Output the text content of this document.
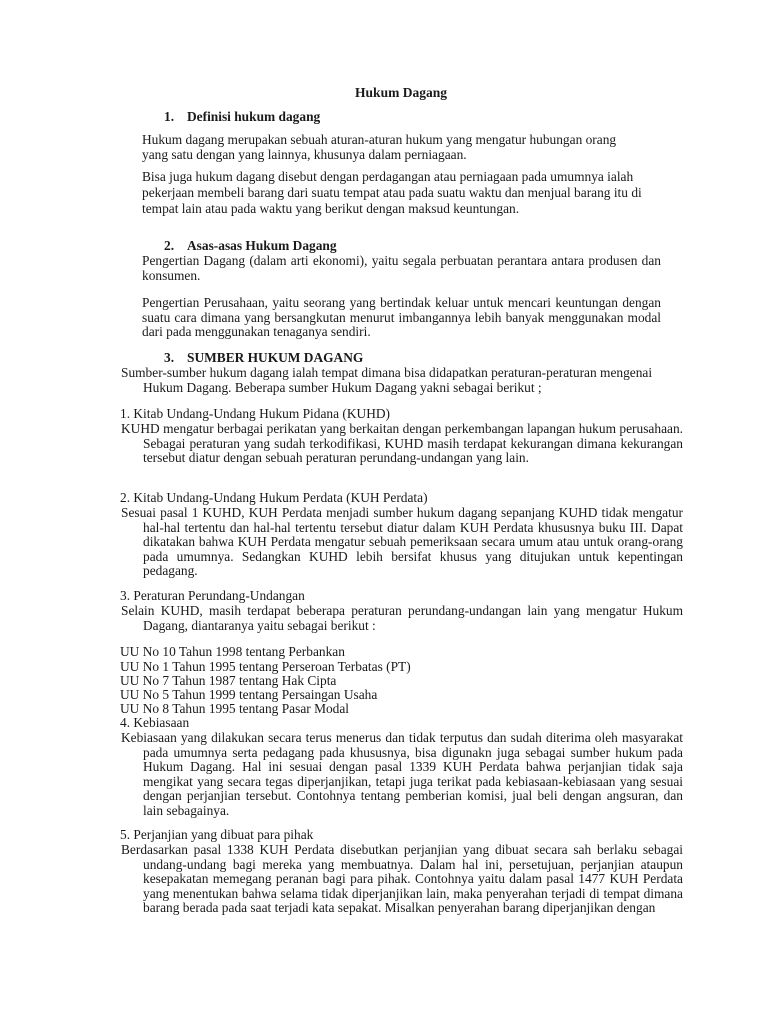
Hukum Dagang
1. Definisi hukum dagang

Hukum dagang merupakan sebuah aturan-aturan hukum yang mengatur hubungan orang yang satu dengan yang lainnya, khusunya dalam perniagaan.

Bisa juga hukum dagang disebut dengan perdagangan atau perniagaan pada umumnya ialah pekerjaan membeli barang dari suatu tempat atau pada suatu waktu dan menjual barang itu di tempat lain atau pada waktu yang berikut dengan maksud keuntungan.

2. Asas-asas Hukum Dagang

Pengertian Dagang (dalam arti ekonomi), yaitu segala perbuatan perantara antara produsen dan konsumen.

Pengertian Perusahaan, yaitu seorang yang bertindak keluar untuk mencari keuntungan dengan suatu cara dimana yang bersangkutan menurut imbangannya lebih banyak menggunakan modal dari pada menggunakan tenaganya sendiri.

3. SUMBER HUKUM DAGANG

Sumber-sumber hukum dagang ialah tempat dimana bisa didapatkan peraturan-peraturan mengenai Hukum Dagang. Beberapa sumber Hukum Dagang yakni sebagai berikut ;

1. Kitab Undang-Undang Hukum Pidana (KUHD)

KUHD mengatur berbagai perikatan yang berkaitan dengan perkembangan lapangan hukum perusahaan. Sebagai peraturan yang sudah terkodifikasi, KUHD masih terdapat kekurangan dimana kekurangan tersebut diatur dengan sebuah peraturan perundang-undangan yang lain.

2. Kitab Undang-Undang Hukum Perdata (KUH Perdata)

Sesuai pasal 1 KUHD, KUH Perdata menjadi sumber hukum dagang sepanjang KUHD tidak mengatur hal-hal tertentu dan hal-hal tertentu tersebut diatur dalam KUH Perdata khususnya buku III. Dapat dikatakan bahwa KUH Perdata mengatur sebuah pemeriksaan secara umum atau untuk orang-orang pada umumnya. Sedangkan KUHD lebih bersifat khusus yang ditujukan untuk kepentingan pedagang.

3. Peraturan Perundang-Undangan

Selain KUHD, masih terdapat beberapa peraturan perundang-undangan lain yang mengatur Hukum Dagang, diantaranya yaitu sebagai berikut :

UU No 10 Tahun 1998 tentang Perbankan
UU No 1 Tahun 1995 tentang Perseroan Terbatas (PT)
UU No 7 Tahun 1987 tentang Hak Cipta
UU No 5 Tahun 1999 tentang Persaingan Usaha
UU No 8 Tahun 1995 tentang Pasar Modal
4. Kebiasaan

Kebiasaan yang dilakukan secara terus menerus dan tidak terputus dan sudah diterima oleh masyarakat pada umumnya serta pedagang pada khususnya, bisa digunakn juga sebagai sumber hukum pada Hukum Dagang. Hal ini sesuai dengan pasal 1339 KUH Perdata bahwa perjanjian tidak saja mengikat yang secara tegas diperjanjikan, tetapi juga terikat pada kebiasaan-kebiasaan yang sesuai dengan perjanjian tersebut. Contohnya tentang pemberian komisi, jual beli dengan angsuran, dan lain sebagainya.

5. Perjanjian yang dibuat para pihak

Berdasarkan pasal 1338 KUH Perdata disebutkan perjanjian yang dibuat secara sah berlaku sebagai undang-undang bagi mereka yang membuatnya. Dalam hal ini, persetujuan, perjanjian ataupun kesepakatan memegang peranan bagi para pihak. Contohnya yaitu dalam pasal 1477 KUH Perdata yang menentukan bahwa selama tidak diperjanjikan lain, maka penyerahan terjadi di tempat dimana barang berada pada saat terjadi kata sepakat. Misalkan penyerahan barang diperjanjikan dengan
